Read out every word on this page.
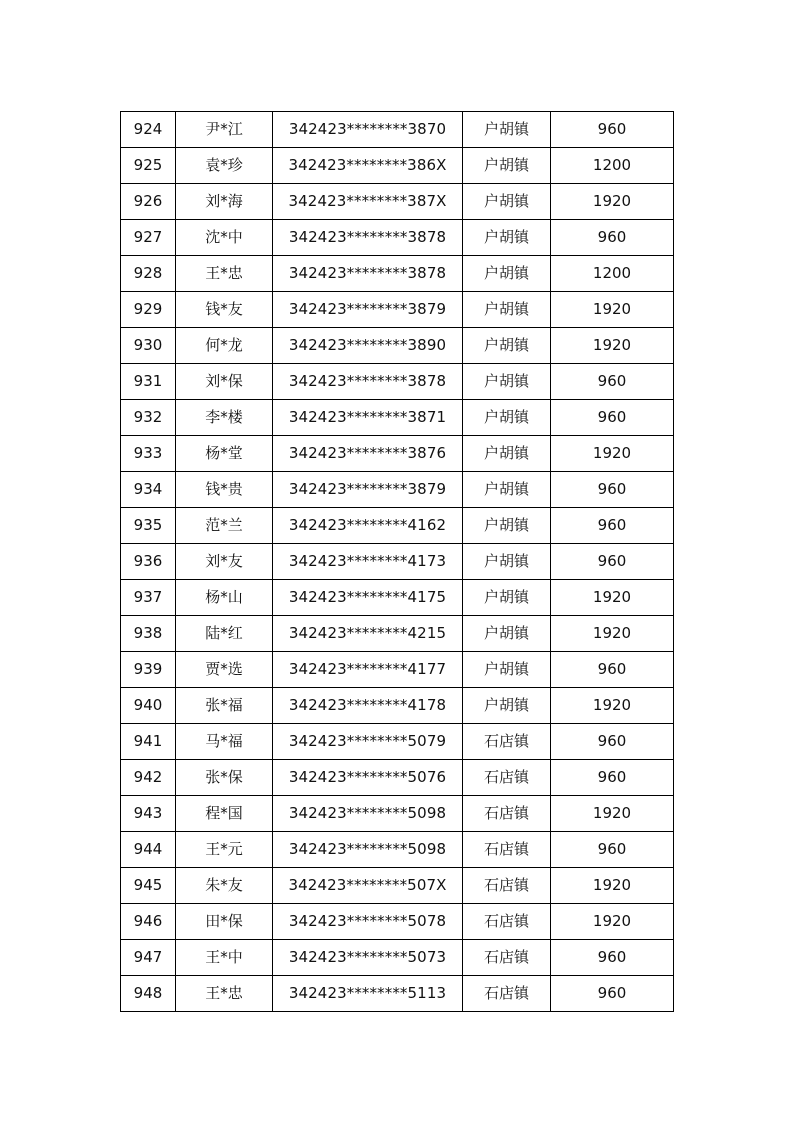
924	尹*江	342423********3870	户胡镇	960
925	袁*珍	342423********386X	户胡镇	1200
926	刘*海	342423********387X	户胡镇	1920
927	沈*中	342423********3878	户胡镇	960
928	王*忠	342423********3878	户胡镇	1200
929	钱*友	342423********3879	户胡镇	1920
930	何*龙	342423********3890	户胡镇	1920
931	刘*保	342423********3878	户胡镇	960
932	李*楼	342423********3871	户胡镇	960
933	杨*堂	342423********3876	户胡镇	1920
934	钱*贵	342423********3879	户胡镇	960
935	范*兰	342423********4162	户胡镇	960
936	刘*友	342423********4173	户胡镇	960
937	杨*山	342423********4175	户胡镇	1920
938	陆*红	342423********4215	户胡镇	1920
939	贾*选	342423********4177	户胡镇	960
940	张*福	342423********4178	户胡镇	1920
941	马*福	342423********5079	石店镇	960
942	张*保	342423********5076	石店镇	960
943	程*国	342423********5098	石店镇	1920
944	王*元	342423********5098	石店镇	960
945	朱*友	342423********507X	石店镇	1920
946	田*保	342423********5078	石店镇	1920
947	王*中	342423********5073	石店镇	960
948	王*忠	342423********5113	石店镇	960
